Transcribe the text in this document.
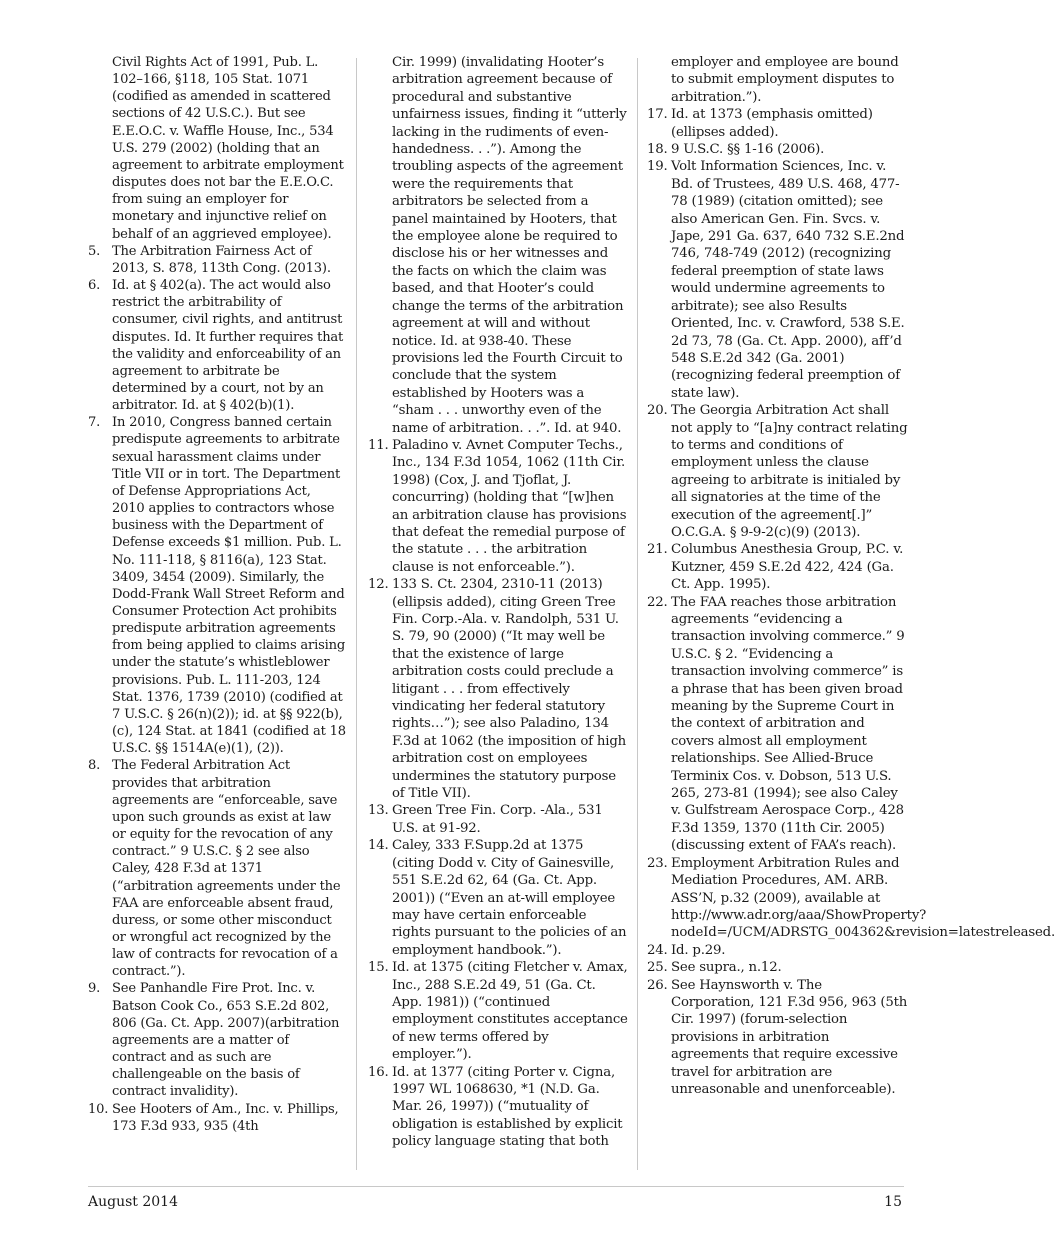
Civil Rights Act of 1991, Pub. L. 102–166, §118, 105 Stat. 1071 (codified as amended in scattered sections of 42 U.S.C.). But see E.E.O.C. v. Waffle House, Inc., 534 U.S. 279 (2002) (holding that an agreement to arbitrate employment disputes does not bar the E.E.O.C. from suing an employer for monetary and injunctive relief on behalf of an aggrieved employee).
5. The Arbitration Fairness Act of 2013, S. 878, 113th Cong. (2013).
6. Id. at § 402(a). The act would also restrict the arbitrability of consumer, civil rights, and antitrust disputes. Id. It further requires that the validity and enforceability of an agreement to arbitrate be determined by a court, not by an arbitrator. Id. at § 402(b)(1).
7. In 2010, Congress banned certain predispute agreements to arbitrate sexual harassment claims under Title VII or in tort. The Department of Defense Appropriations Act, 2010 applies to contractors whose business with the Department of Defense exceeds $1 million. Pub. L. No. 111-118, § 8116(a), 123 Stat. 3409, 3454 (2009). Similarly, the Dodd-Frank Wall Street Reform and Consumer Protection Act prohibits predispute arbitration agreements from being applied to claims arising under the statute’s whistleblower provisions. Pub. L. 111-203, 124 Stat. 1376, 1739 (2010) (codified at 7 U.S.C. § 26(n)(2)); id. at §§ 922(b), (c), 124 Stat. at 1841 (codified at 18 U.S.C. §§ 1514A(e)(1), (2)).
8. The Federal Arbitration Act provides that arbitration agreements are “enforceable, save upon such grounds as exist at law or equity for the revocation of any contract.” 9 U.S.C. § 2 see also Caley, 428 F.3d at 1371 (“arbitration agreements under the FAA are enforceable absent fraud, duress, or some other misconduct or wrongful act recognized by the law of contracts for revocation of a contract.”).
9. See Panhandle Fire Prot. Inc. v. Batson Cook Co., 653 S.E.2d 802, 806 (Ga. Ct. App. 2007)(arbitration agreements are a matter of contract and as such are challengeable on the basis of contract invalidity).
10. See Hooters of Am., Inc. v. Phillips, 173 F.3d 933, 935 (4th
Cir. 1999) (invalidating Hooter’s arbitration agreement because of procedural and substantive unfairness issues, finding it “utterly lacking in the rudiments of even-handedness. . .”). Among the troubling aspects of the agreement were the requirements that arbitrators be selected from a panel maintained by Hooters, that the employee alone be required to disclose his or her witnesses and the facts on which the claim was based, and that Hooter’s could change the terms of the arbitration agreement at will and without notice. Id. at 938-40. These provisions led the Fourth Circuit to conclude that the system established by Hooters was a “sham . . . unworthy even of the name of arbitration. . .”. Id. at 940.
11. Paladino v. Avnet Computer Techs., Inc., 134 F.3d 1054, 1062 (11th Cir. 1998) (Cox, J. and Tjoflat, J. concurring) (holding that “[w]hen an arbitration clause has provisions that defeat the remedial purpose of the statute . . . the arbitration clause is not enforceable.”).
12. 133 S. Ct. 2304, 2310-11 (2013) (ellipsis added), citing Green Tree Fin. Corp.-Ala. v. Randolph, 531 U. S. 79, 90 (2000) (“It may well be that the existence of large arbitration costs could preclude a litigant . . . from effectively vindicating her federal statutory rights…”); see also Paladino, 134 F.3d at 1062 (the imposition of high arbitration cost on employees undermines the statutory purpose of Title VII).
13. Green Tree Fin. Corp. -Ala., 531 U.S. at 91-92.
14. Caley, 333 F.Supp.2d at 1375 (citing Dodd v. City of Gainesville, 551 S.E.2d 62, 64 (Ga. Ct. App. 2001)) (“Even an at-will employee may have certain enforceable rights pursuant to the policies of an employment handbook.”).
15. Id. at 1375 (citing Fletcher v. Amax, Inc., 288 S.E.2d 49, 51 (Ga. Ct. App. 1981)) (“continued employment constitutes acceptance of new terms offered by employer.”).
16. Id. at 1377 (citing Porter v. Cigna, 1997 WL 1068630, *1 (N.D. Ga. Mar. 26, 1997)) (“mutuality of obligation is established by explicit policy language stating that both
employer and employee are bound to submit employment disputes to arbitration.”).
17. Id. at 1373 (emphasis omitted) (ellipses added).
18. 9 U.S.C. §§ 1-16 (2006).
19. Volt Information Sciences, Inc. v. Bd. of Trustees, 489 U.S. 468, 477-78 (1989) (citation omitted); see also American Gen. Fin. Svcs. v. Jape, 291 Ga. 637, 640 732 S.E.2nd 746, 748-749 (2012) (recognizing federal preemption of state laws would undermine agreements to arbitrate); see also Results Oriented, Inc. v. Crawford, 538 S.E. 2d 73, 78 (Ga. Ct. App. 2000), aff’d 548 S.E.2d 342 (Ga. 2001) (recognizing federal preemption of state law).
20. The Georgia Arbitration Act shall not apply to “[a]ny contract relating to terms and conditions of employment unless the clause agreeing to arbitrate is initialed by all signatories at the time of the execution of the agreement[.]” O.C.G.A. § 9-9-2(c)(9) (2013).
21. Columbus Anesthesia Group, P.C. v. Kutzner, 459 S.E.2d 422, 424 (Ga. Ct. App. 1995).
22. The FAA reaches those arbitration agreements “evidencing a transaction involving commerce.” 9 U.S.C. § 2. “Evidencing a transaction involving commerce” is a phrase that has been given broad meaning by the Supreme Court in the context of arbitration and covers almost all employment relationships. See Allied-Bruce Terminix Cos. v. Dobson, 513 U.S. 265, 273-81 (1994); see also Caley v. Gulfstream Aerospace Corp., 428 F.3d 1359, 1370 (11th Cir. 2005) (discussing extent of FAA’s reach).
23. Employment Arbitration Rules and Mediation Procedures, AM. ARB. ASS’N, p.32 (2009), available at http://www.adr.org/aaa/ShowProperty?nodeId=/UCM/ADRSTG_004362&revision=latestreleased.
24. Id. p.29.
25. See supra., n.12.
26. See Haynsworth v. The Corporation, 121 F.3d 956, 963 (5th Cir. 1997) (forum-selection provisions in arbitration agreements that require excessive travel for arbitration are unreasonable and unenforceable).
August 2014	15
